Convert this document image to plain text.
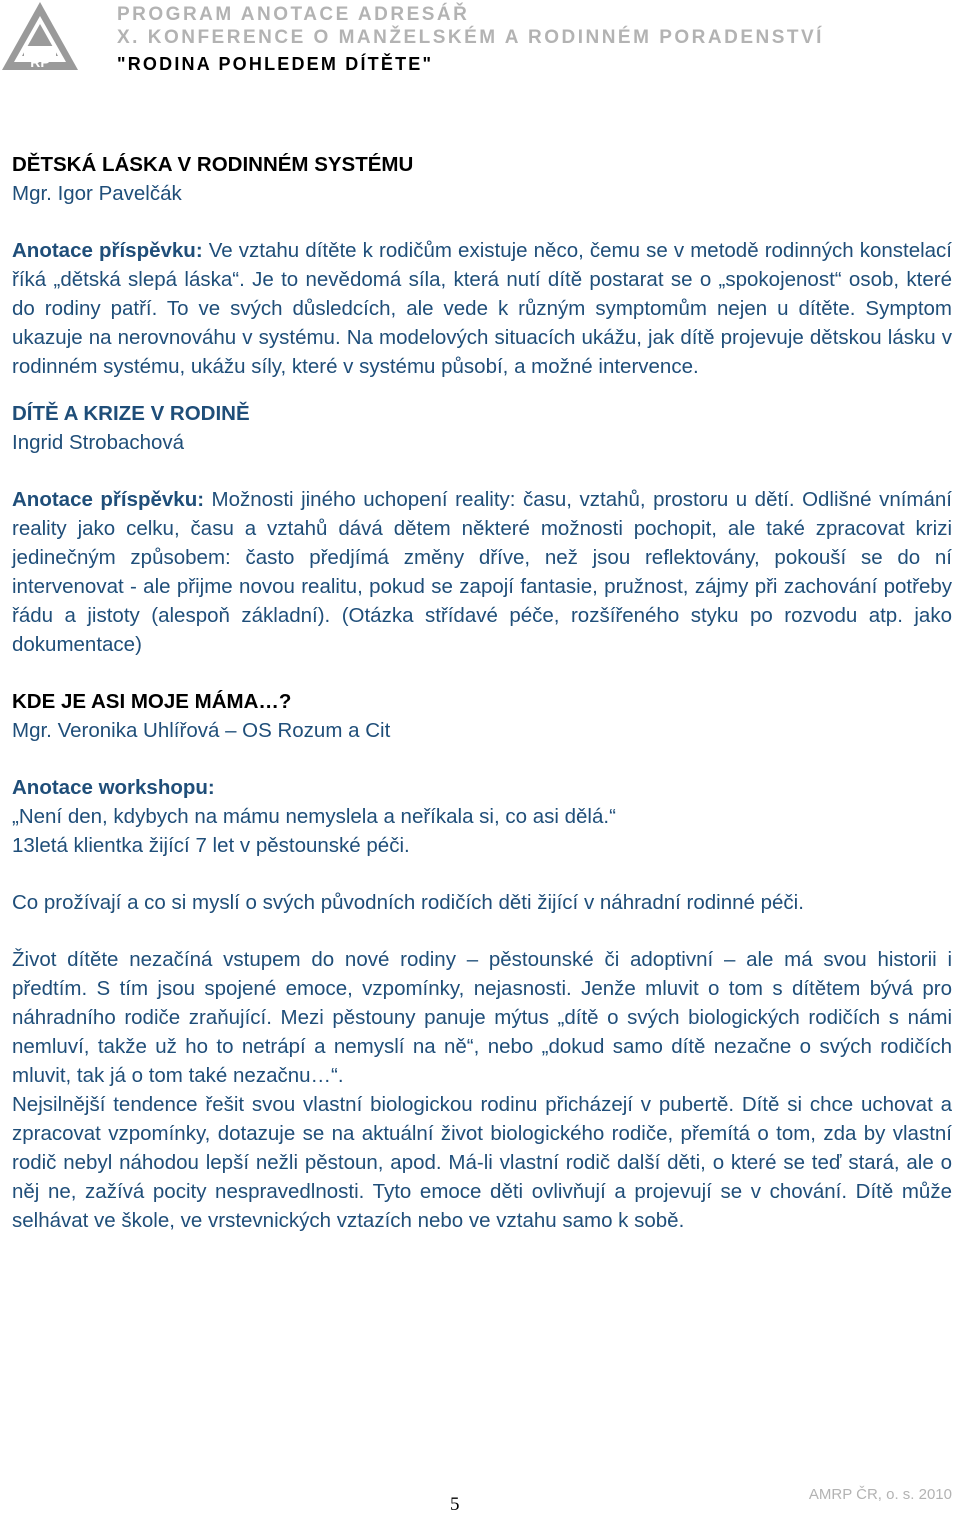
RP
PROGRAM ANOTACE ADRESÁŘ
X. KONFERENCE O MANŽELSKÉM A RODINNÉM PORADENSTVÍ
"RODINA POHLEDEM DÍTĚTE"

DĚTSKÁ LÁSKA V RODINNÉM SYSTÉMU

Mgr. Igor Pavelčák

Anotace příspěvku: Ve vztahu dítěte k rodičům existuje něco, čemu se v metodě rodinných konstelací říká „dětská slepá láska“. Je to nevědomá síla, která nutí dítě postarat se o „spokojenost“ osob, které do rodiny patří. To ve svých důsledcích, ale vede k různým symptomům nejen u dítěte. Symptom ukazuje na nerovnováhu v systému. Na modelových situacích ukážu, jak dítě projevuje dětskou lásku v rodinném systému, ukážu síly, které v systému působí, a možné intervence.

DÍTĚ A KRIZE V RODINĚ

Ingrid Strobachová

Anotace příspěvku: Možnosti jiného uchopení reality: času, vztahů, prostoru u dětí. Odlišné vnímání reality jako celku, času a vztahů dává dětem některé možnosti pochopit, ale také zpracovat krizi jedinečným způsobem: často předjímá změny dříve, než jsou reflektovány, pokouší se do ní intervenovat - ale přijme novou realitu, pokud se zapojí fantasie, pružnost, zájmy při zachování potřeby řádu a jistoty (alespoň základní). (Otázka střídavé péče, rozšířeného styku po rozvodu atp. jako dokumentace)

KDE JE ASI MOJE MÁMA…?

Mgr. Veronika Uhlířová – OS Rozum a Cit

Anotace workshopu:

„Není den, kdybych na mámu nemyslela a neříkala si, co asi dělá.“

13letá klientka žijící 7 let v pěstounské péči.

Co prožívají a co si myslí o svých původních rodičích děti žijící v náhradní rodinné péči.

Život dítěte nezačíná vstupem do nové rodiny – pěstounské či adoptivní – ale má svou historii i předtím. S tím jsou spojené emoce, vzpomínky, nejasnosti. Jenže mluvit o tom s dítětem bývá pro náhradního rodiče zraňující. Mezi pěstouny panuje mýtus „dítě o svých biologických rodičích s námi nemluví, takže už ho to netrápí a nemyslí na ně“, nebo „dokud samo dítě nezačne o svých rodičích mluvit, tak já o tom také nezačnu…“.

Nejsilnější tendence řešit svou vlastní biologickou rodinu přicházejí v pubertě. Dítě si chce uchovat a zpracovat vzpomínky, dotazuje se na aktuální život biologického rodiče, přemítá o tom, zda by vlastní rodič nebyl náhodou lepší nežli pěstoun, apod. Má-li vlastní rodič další děti, o které se teď stará, ale o něj ne, zažívá pocity nespravedlnosti. Tyto emoce děti ovlivňují a projevují se v chování. Dítě může selhávat ve škole, ve vrstevnických vztazích nebo ve vztahu samo k sobě.

5	AMRP ČR, o. s. 2010
